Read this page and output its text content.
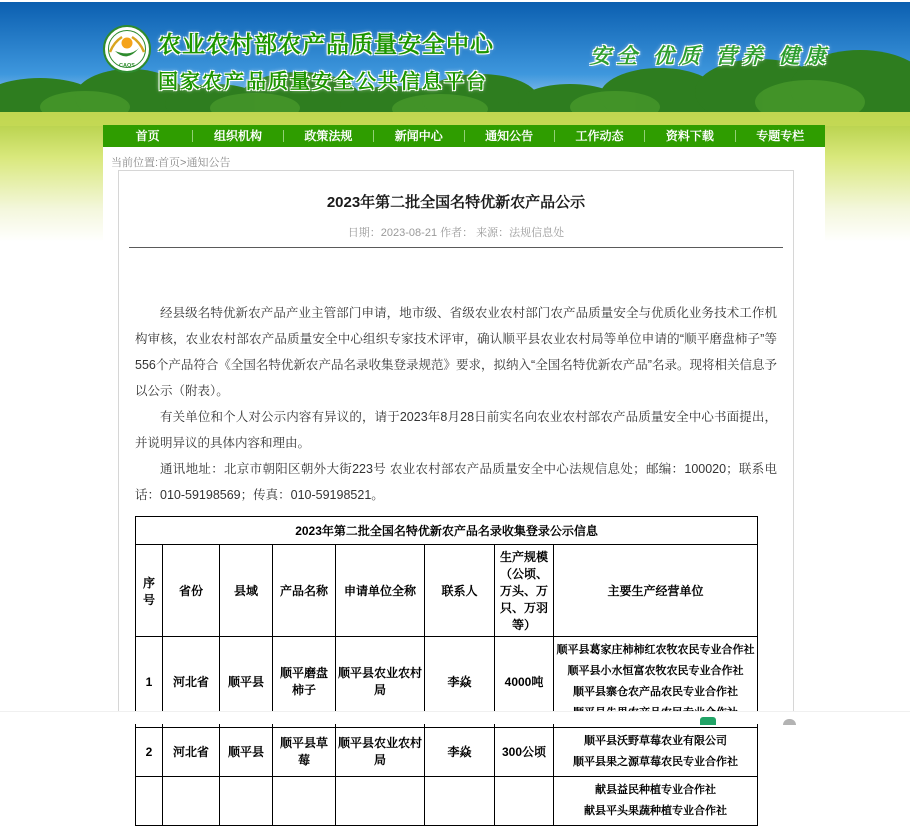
CAQS
农业农村部农产品质量安全中心
国家农产品质量安全公共信息平台
安全 优质 营养 健康
首页	组织机构	政策法规	新闻中心	通知公告	工作动态	资料下载	专题专栏
当前位置:首页>通知公告
2023年第二批全国名特优新农产品公示
日期：2023-08-21 作者： 来源：法规信息处

经县级名特优新农产品产业主管部门申请，地市级、省级农业农村部门农产品质量安全与优质化业务技术工作机构审核，农业农村部农产品质量安全中心组织专家技术评审，确认顺平县农业农村局等单位申请的“顺平磨盘柿子”等556个产品符合《全国名特优新农产品名录收集登录规范》要求，拟纳入“全国名特优新农产品”名录。现将相关信息予以公示（附表）。

有关单位和个人对公示内容有异议的，请于2023年8月28日前实名向农业农村部农产品质量安全中心书面提出，并说明异议的具体内容和理由。

通讯地址：北京市朝阳区朝外大街223号 农业农村部农产品质量安全中心法规信息处；邮编：100020；联系电话：010-59198569；传真：010-59198521。

2023年第二批全国名特优新农产品名录收集登录公示信息							
序号	省份	县域	产品名称	申请单位全称	联系人	生产规模（公顷、万头、万只、万羽等）	主要生产经营单位
1	河北省	顺平县	顺平磨盘柿子	顺平县农业农村局	李焱	4000吨	顺平县葛家庄柿柿红农牧农民专业合作社
顺平县小水恒富农牧农民专业合作社
顺平县寨仓农产品农民专业合作社

2	河北省	顺平县	顺平县草莓	顺平县农业农村局	李焱	300公顷	顺平县沃野草莓农业有限公司
顺平县果之源草莓农民专业合作社

							献县益民种植专业合作社
献县平头果蔬种植专业合作社
